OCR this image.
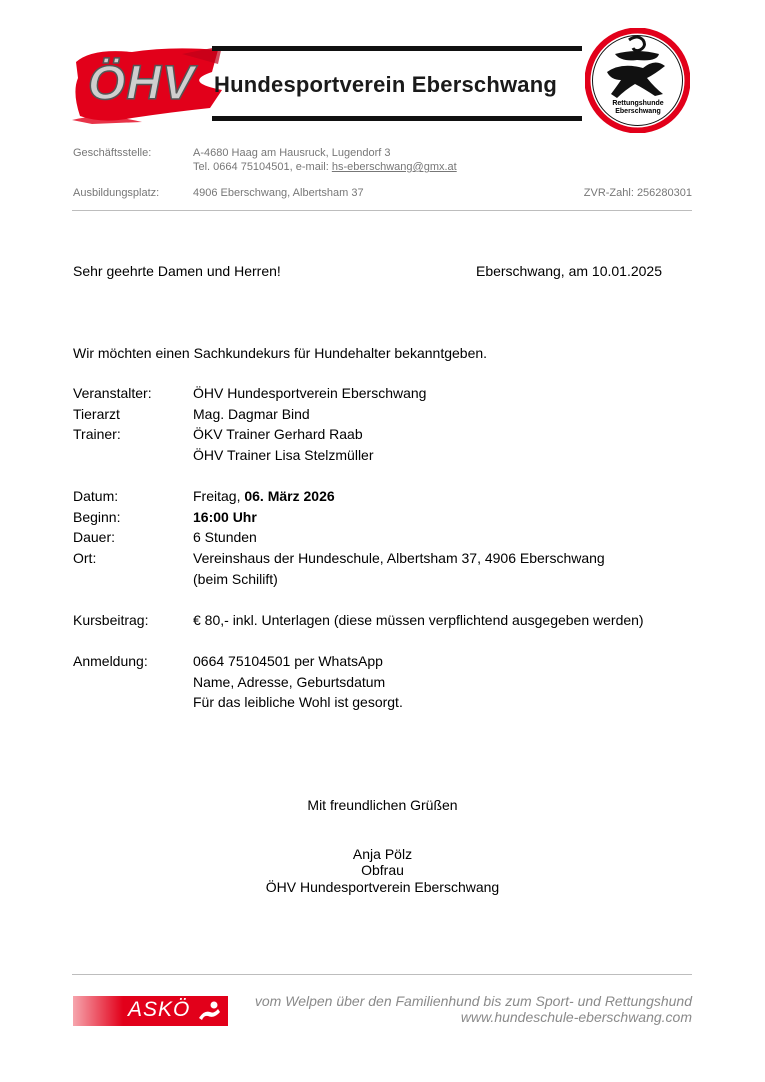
ÖHV Hundesportverein Eberschwang
Rettungshunde
Eberschwang
Geschäftsstelle:	A-4680 Haag am Hausruck, Lugendorf 3
Tel. 0664 75104501, e-mail: hs-eberschwang@gmx.at
Ausbildungsplatz:	4906 Eberschwang, Albertsham 37	ZVR-Zahl: 256280301
Sehr geehrte Damen und Herren!	Eberschwang, am 10.01.2025
Wir möchten einen Sachkundekurs für Hundehalter bekanntgeben.
Veranstalter:	ÖHV Hundesportverein Eberschwang
Tierarzt	Mag. Dagmar Bind
Trainer:	ÖKV Trainer Gerhard Raab
ÖHV Trainer Lisa Stelzmüller
Datum:	Freitag, 06. März 2026
Beginn:	16:00 Uhr
Dauer:	6 Stunden
Ort:	Vereinshaus der Hundeschule, Albertsham 37, 4906 Eberschwang
(beim Schilift)
Kursbeitrag:	€ 80,- inkl. Unterlagen (diese müssen verpflichtend ausgegeben werden)
Anmeldung:	0664 75104501 per WhatsApp
Name, Adresse, Geburtsdatum
Für das leibliche Wohl ist gesorgt.
Mit freundlichen Grüßen
Anja Pölz
Obfrau
ÖHV Hundesportverein Eberschwang
ASKÖ	vom Welpen über den Familienhund bis zum Sport- und Rettungshund
www.hundeschule-eberschwang.com
